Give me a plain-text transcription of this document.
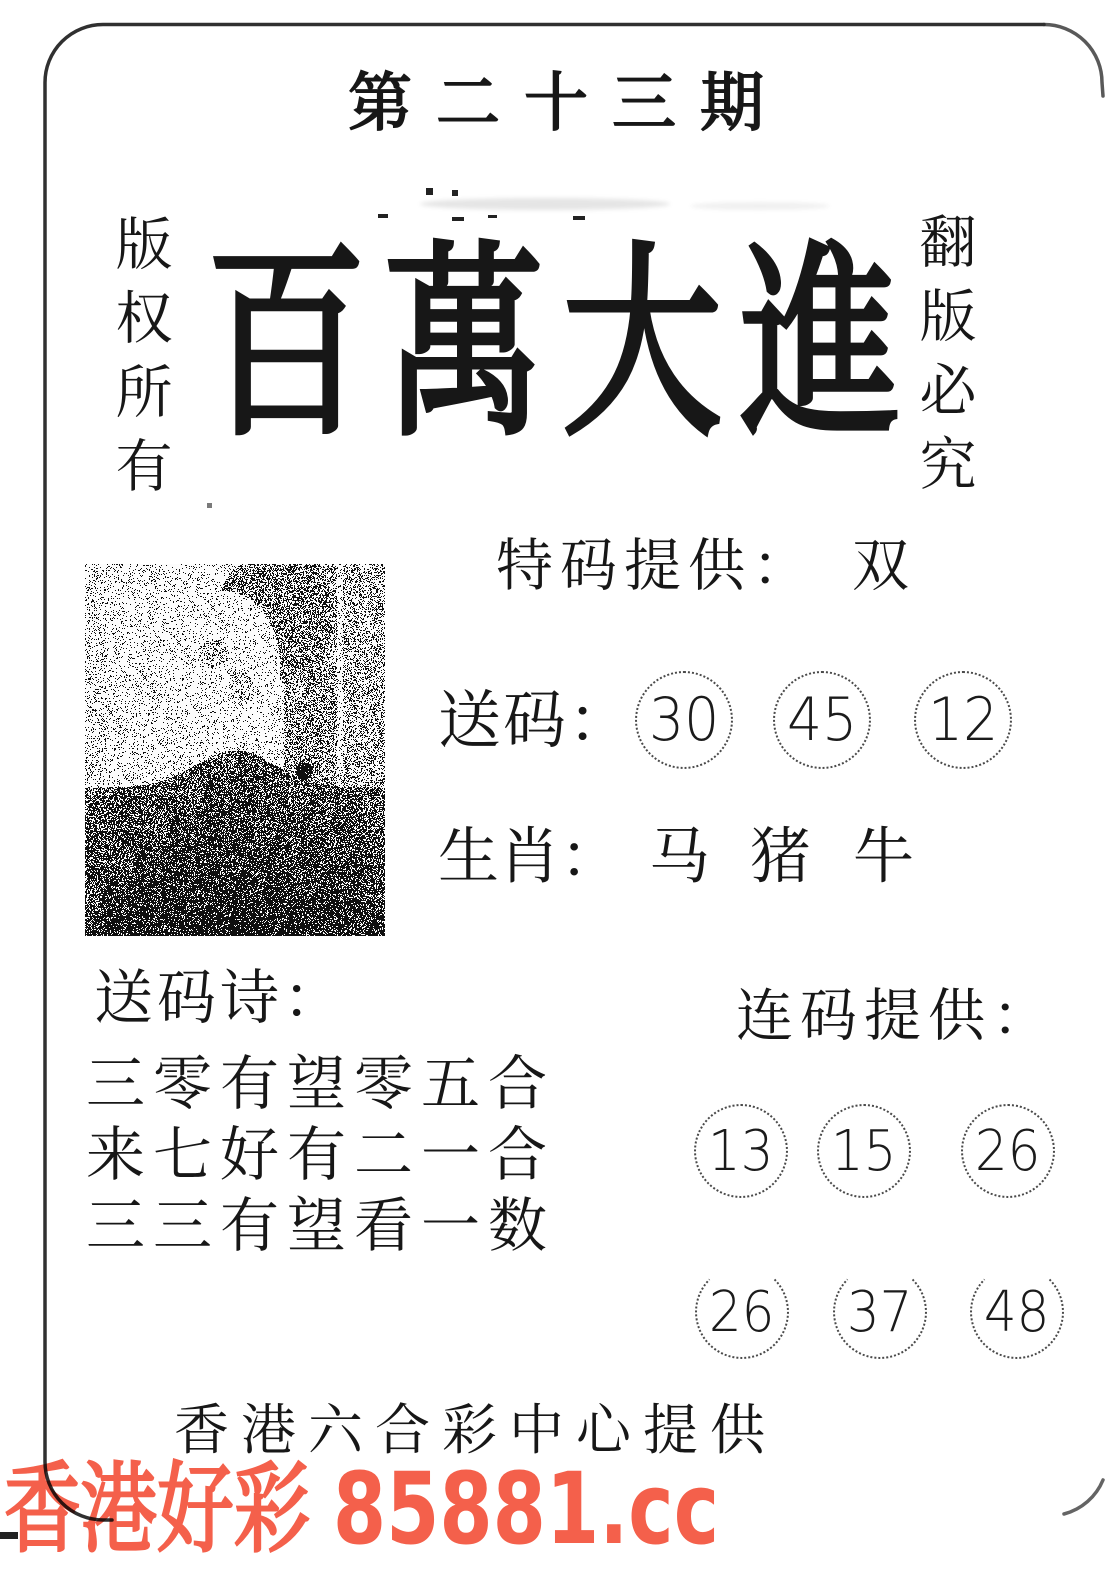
第二十三期
版权所有 百萬大進
翻版必究
特码提供： 双
送码： 30 45 12
生肖： 马 猪 牛
送码诗：
三零有望零五合
来七好有二一合
三三有望看一数
连码提供：
13 15 26
26 37 48
香港六合彩中心提供
香港好彩 85881.cc
